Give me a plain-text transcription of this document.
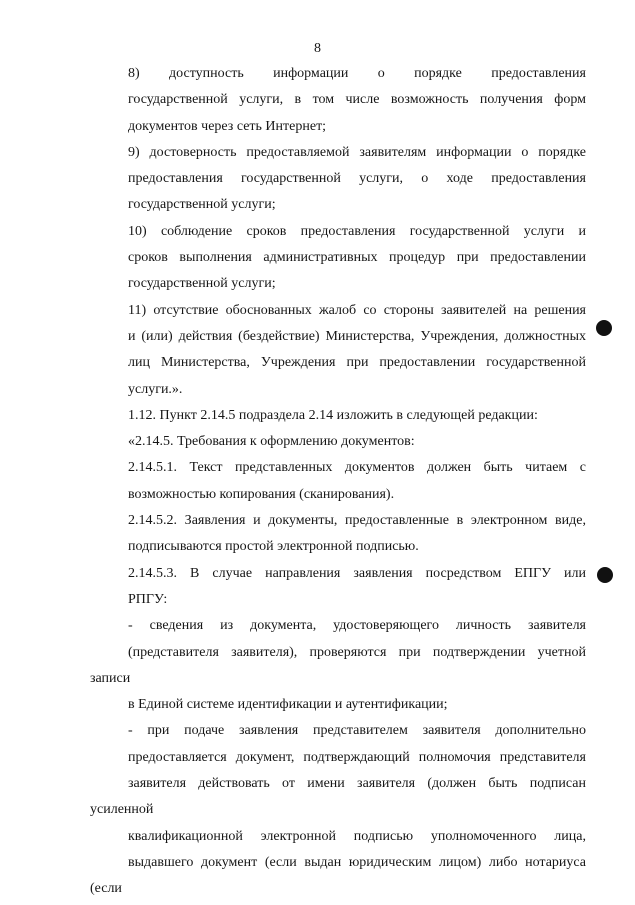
8

8) доступность информации о порядке предоставления
государственной услуги, в том числе возможность получения форм
документов через сеть Интернет;

9) достоверность предоставляемой заявителям информации о порядке
предоставления государственной услуги, о ходе предоставления
государственной услуги;

10) соблюдение сроков предоставления государственной услуги и
сроков выполнения административных процедур при предоставлении
государственной услуги;

11) отсутствие обоснованных жалоб со стороны заявителей на решения
и (или) действия (бездействие) Министерства, Учреждения, должностных
лиц Министерства, Учреждения при предоставлении государственной
услуги.».

1.12. Пункт 2.14.5 подраздела 2.14 изложить в следующей редакции:

«2.14.5. Требования к оформлению документов:

2.14.5.1. Текст представленных документов должен быть читаем с
возможностью копирования (сканирования).

2.14.5.2. Заявления и документы, предоставленные в электронном виде,
подписываются простой электронной подписью.

2.14.5.3. В случае направления заявления посредством ЕПГУ или
РПГУ:

- сведения из документа, удостоверяющего личность заявителя
(представителя заявителя), проверяются при подтверждении учетной записи
в Единой системе идентификации и аутентификации;

- при подаче заявления представителем заявителя дополнительно
предоставляется документ, подтверждающий полномочия представителя
заявителя действовать от имени заявителя (должен быть подписан усиленной
квалификационной электронной подписью уполномоченного лица,
выдавшего документ (если выдан юридическим лицом) либо нотариуса (если
